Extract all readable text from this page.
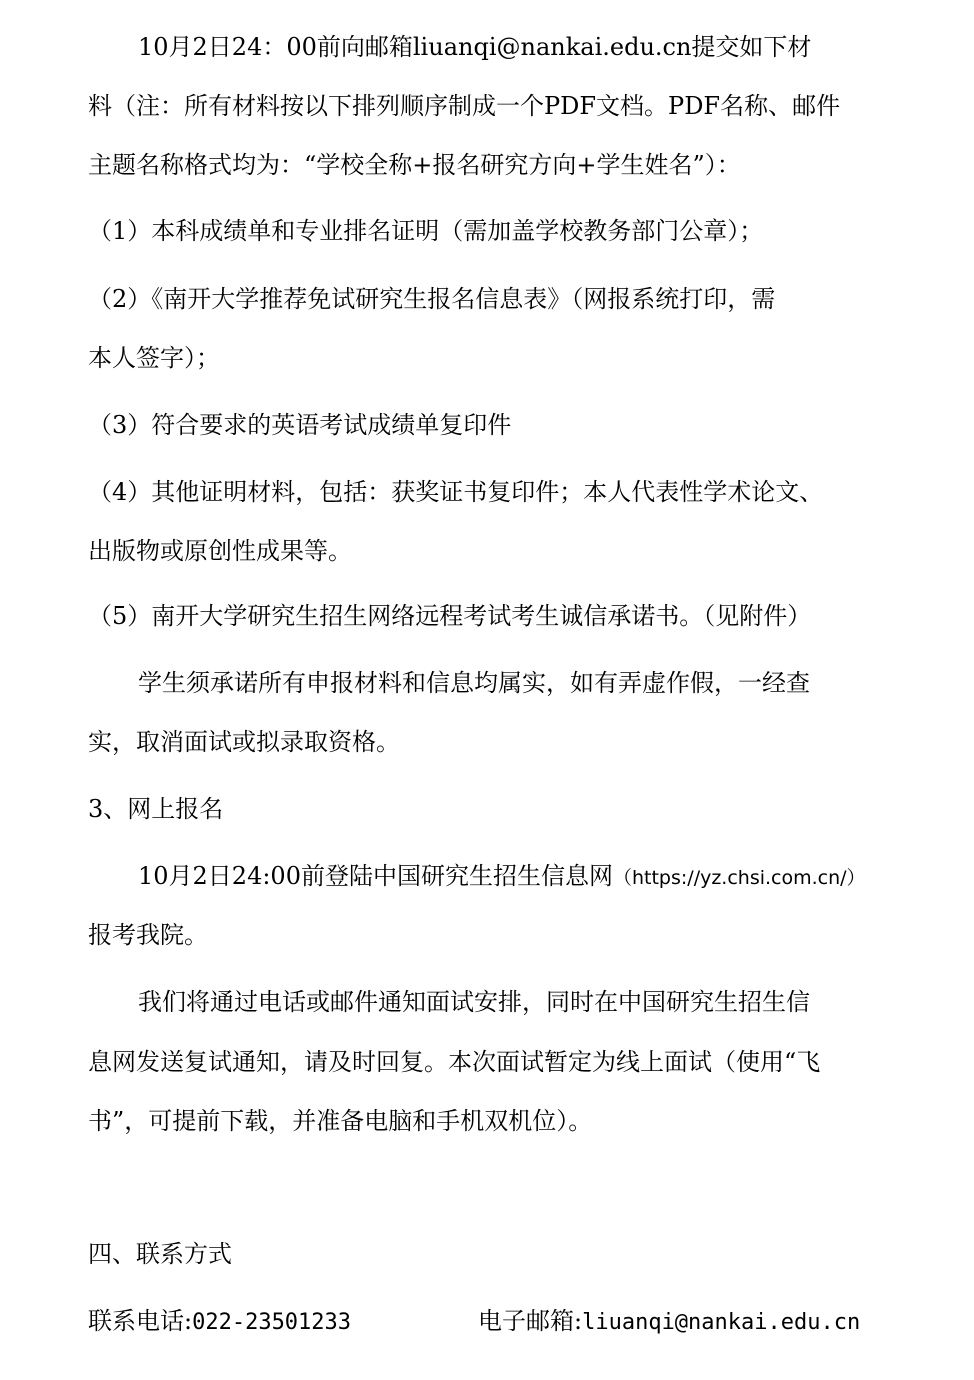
10月2日24：00前向邮箱liuanqi@nankai.edu.cn提交如下材
料（注：所有材料按以下排列顺序制成一个PDF文档。PDF名称、邮件
主题名称格式均为：“学校全称+报名研究方向+学生姓名”）：
（1）本科成绩单和专业排名证明（需加盖学校教务部门公章）；
（2）《南开大学推荐免试研究生报名信息表》（网报系统打印，需
本人签字）；
（3）符合要求的英语考试成绩单复印件
（4）其他证明材料，包括：获奖证书复印件；本人代表性学术论文、
出版物或原创性成果等。
（5）南开大学研究生招生网络远程考试考生诚信承诺书。（见附件）
学生须承诺所有申报材料和信息均属实，如有弄虚作假，一经查
实，取消面试或拟录取资格。
3、网上报名
10月2日24:00前登陆中国研究生招生信息网（https://yz.chsi.com.cn/）
报考我院。
我们将通过电话或邮件通知面试安排，同时在中国研究生招生信
息网发送复试通知，请及时回复。本次面试暂定为线上面试（使用“飞
书”，可提前下载，并准备电脑和手机双机位）。
四、联系方式
联系电话:022-23501233	电子邮箱:liuanqi@nankai.edu.cn
